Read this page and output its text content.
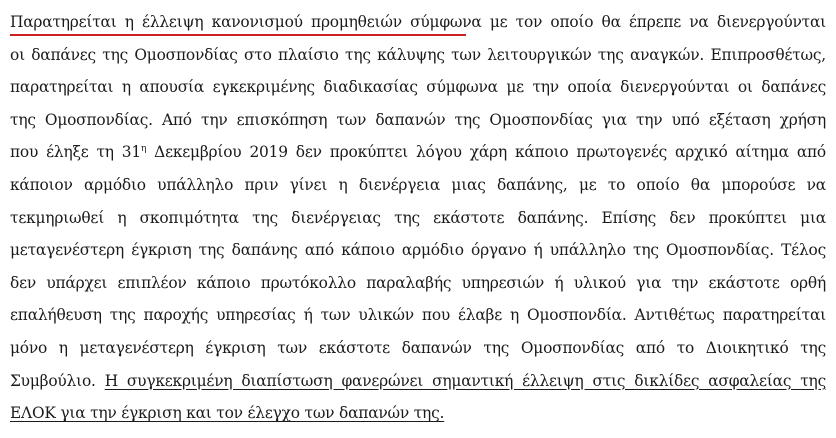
Παρατηρείται η έλλειψη κανονισμού προμηθειών σύμφωνα με τον οποίο θα έπρεπε να διενεργούνται
οι δαπάνες της Ομοσπονδίας στο πλαίσιο της κάλυψης των λειτουργικών της αναγκών. Επιπροσθέτως,
παρατηρείται η απουσία εγκεκριμένης διαδικασίας σύμφωνα με την οποία διενεργούνται οι δαπάνες
της Ομοσπονδίας. Από την επισκόπηση των δαπανών της Ομοσπονδίας για την υπό εξέταση χρήση
που έληξε τη $31^\eta$ Δεκεμβρίου 2019 δεν προκύπτει λόγου χάρη κάποιο πρωτογενές αρχικό αίτημα από
κάποιον αρμόδιο υπάλληλο πριν γίνει η διενέργεια μιας δαπάνης, με το οποίο θα μπορούσε να
τεκμηριωθεί η σκοπιμότητα της διενέργειας της εκάστοτε δαπάνης. Επίσης δεν προκύπτει μια
μεταγενέστερη έγκριση της δαπάνης από κάποιο αρμόδιο όργανο ή υπάλληλο της Ομοσπονδίας. Τέλος
δεν υπάρχει επιπλέον κάποιο πρωτόκολλο παραλαβής υπηρεσιών ή υλικού για την εκάστοτε ορθή
επαλήθευση της παροχής υπηρεσίας ή των υλικών που έλαβε η Ομοσπονδία. Αντιθέτως παρατηρείται
μόνο η μεταγενέστερη έγκριση των εκάστοτε δαπανών της Ομοσπονδίας από το Διοικητικό της
Συμβούλιο. Η συγκεκριμένη διαπίστωση φανερώνει σημαντική έλλειψη στις δικλίδες ασφαλείας της
ΕΛΟΚ για την έγκριση και τον έλεγχο των δαπανών της.
